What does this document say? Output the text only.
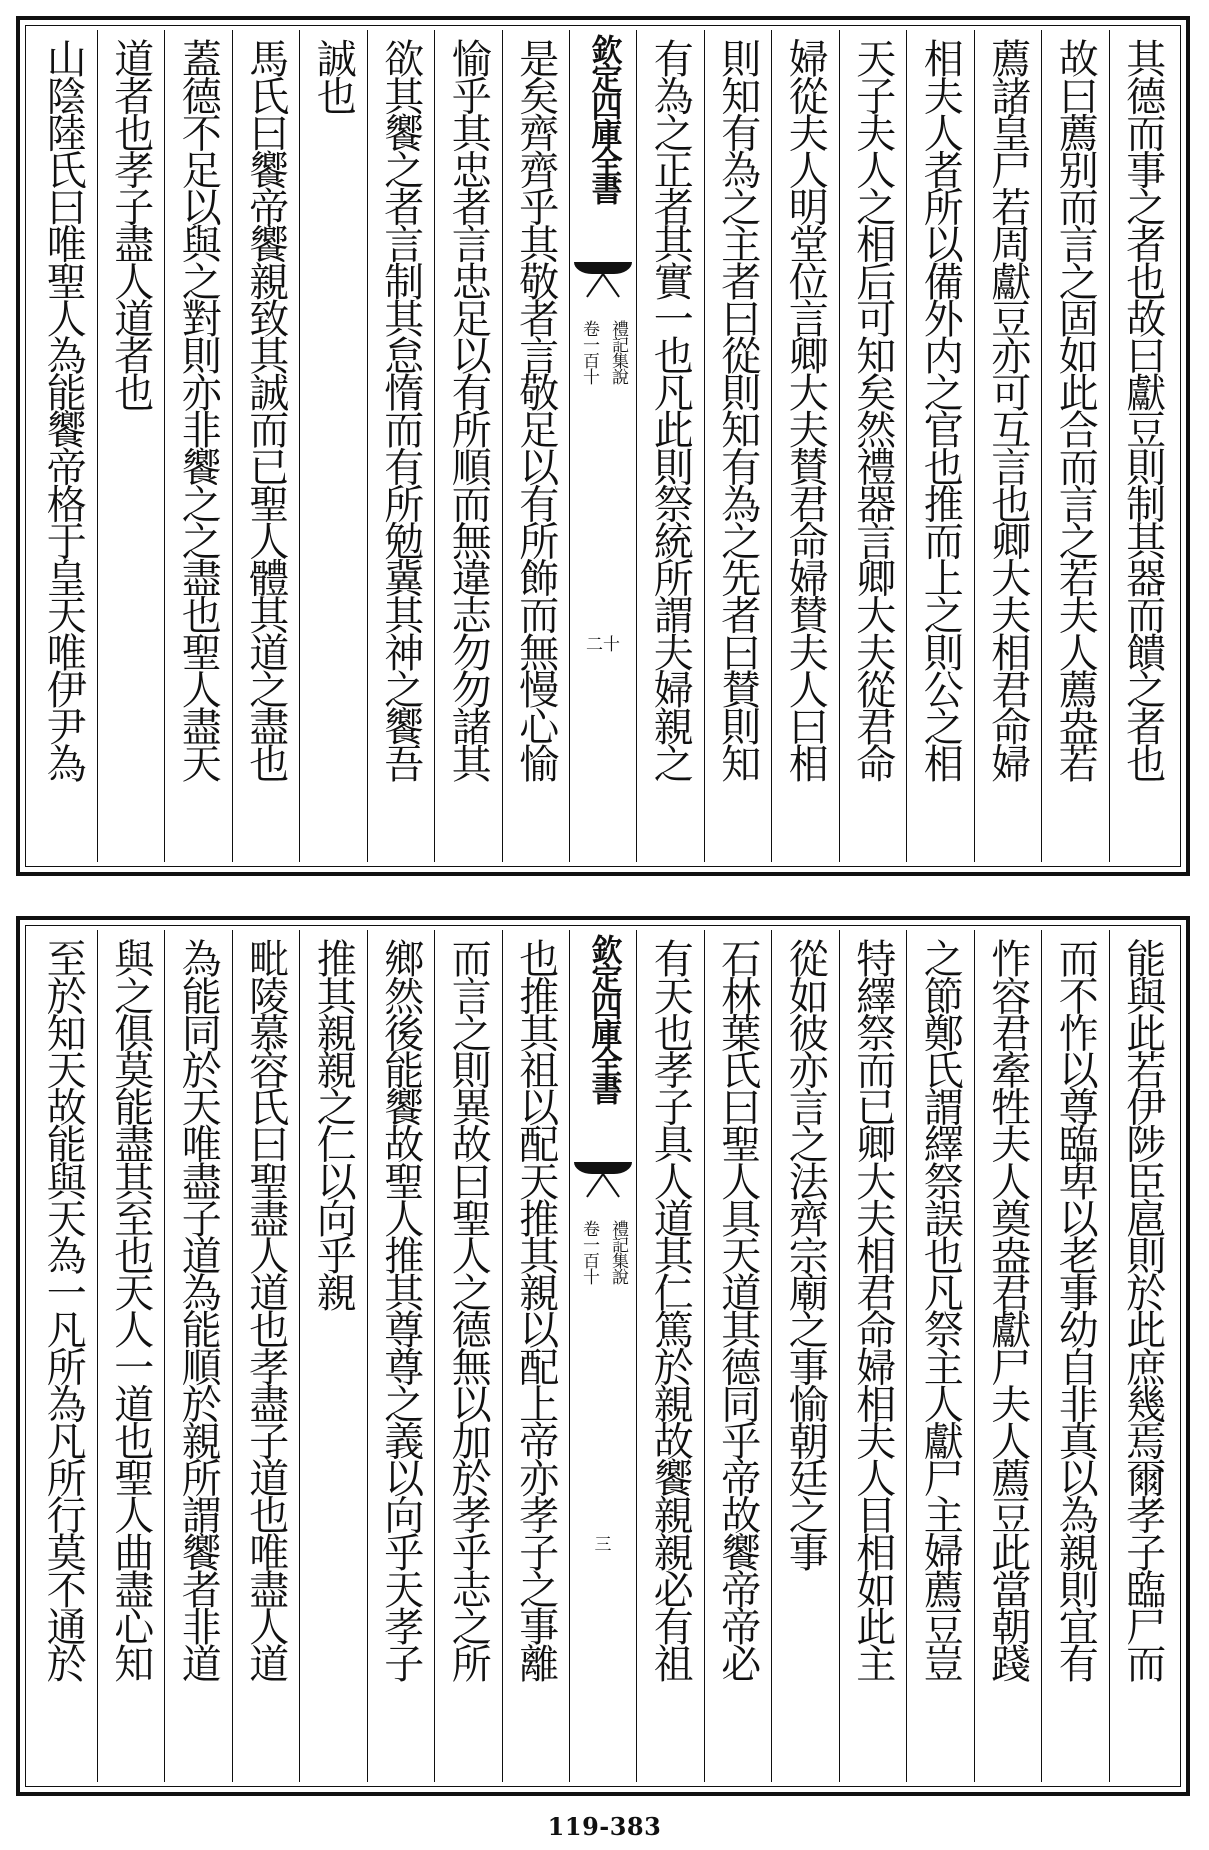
其德而事之者也故曰獻豆則制其器而饋之者也
故曰薦别而言之固如此合而言之若夫人薦盎若
薦諸皇尸若周獻豆亦可互言也卿大夫相君命婦
相夫人者所以備外内之官也推而上之則公之相
天子夫人之相后可知矣然禮器言卿大夫從君命
婦從夫人明堂位言卿大夫賛君命婦賛夫人曰相
則知有為之主者曰從則知有為之先者曰賛則知
有為之正者其實一也凡此則祭統所謂夫婦親之
欽定四庫全書
禮記集說
卷一百十
二十
是矣齊齊乎其敬者言敬足以有所飾而無慢心愉
愉乎其忠者言忠足以有所順而無違志勿勿諸其
欲其饗之者言制其怠惰而有所勉冀其神之饗吾
誠也
馬氏曰饗帝饗親致其誠而已聖人體其道之盡也
蓋德不足以與之對則亦非饗之之盡也聖人盡天
道者也孝子盡人道者也
山陰陸氏曰唯聖人為能饗帝格于皇天唯伊尹為
能與此若伊陟臣扈則於此庶幾焉爾孝子臨尸而
而不怍以尊臨卑以老事幼自非真以為親則宜有
怍容君牽牲夫人奠盎君獻尸夫人薦豆此當朝踐
之節鄭氏謂繹祭誤也凡祭主人獻尸主婦薦豆豈
特繹祭而已卿大夫相君命婦相夫人目相如此主
從如彼亦言之法齊宗廟之事愉朝廷之事
石林葉氏曰聖人具天道其德同乎帝故饗帝帝必
有天也孝子具人道其仁篤於親故饗親親必有祖
欽定四庫全書
禮記集說
卷一百十
三
也推其祖以配天推其親以配上帝亦孝子之事離
而言之則異故曰聖人之德無以加於孝乎志之所
鄉然後能饗故聖人推其尊尊之義以向乎天孝子
推其親親之仁以向乎親
毗陵慕容氏曰聖盡人道也孝盡子道也唯盡人道
為能同於天唯盡子道為能順於親所謂饗者非道
與之俱莫能盡其至也天人一道也聖人曲盡心知
至於知天故能與天為一凡所為凡所行莫不通於
119-383
